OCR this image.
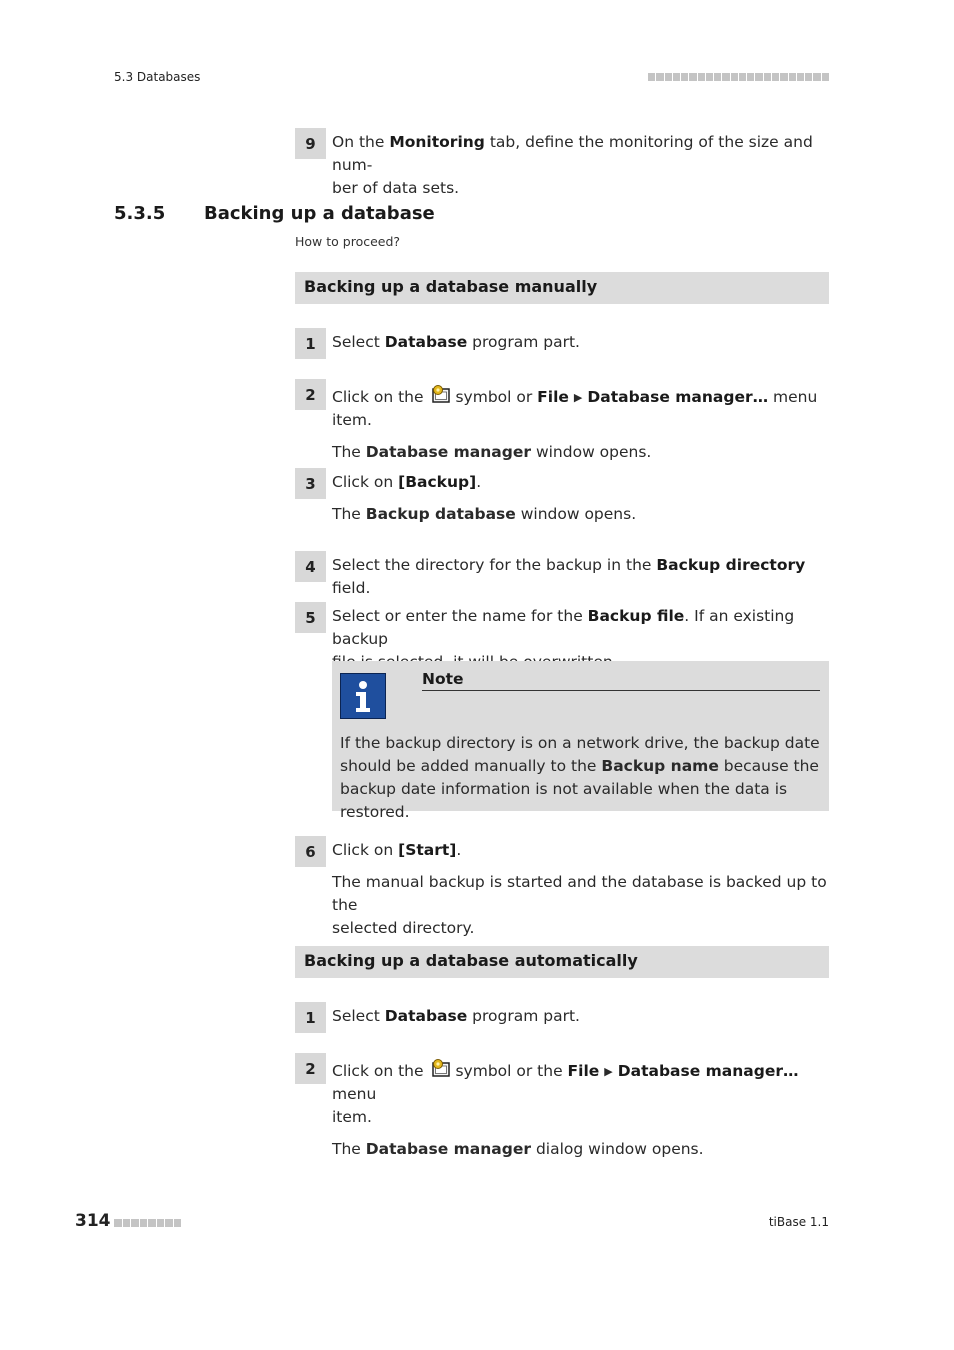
5.3 Databases
9	On the Monitoring tab, define the monitoring of the size and num-
ber of data sets.
5.3.5 Backing up a database
How to proceed?
Backing up a database manually
1	Select Database program part.
2	Click on the symbol or File ▶ Database manager… menu item.
The Database manager window opens.
3	Click on [Backup].
The Backup database window opens.
4	Select the directory for the backup in the Backup directory field.
5	Select or enter the name for the Backup file. If an existing backup

Note
If the backup directory is on a network drive, the backup date
should be added manually to the Backup name because the
backup date information is not available when the data is restored.
6	Click on [Start].
The manual backup is started and the database is backed up to the
selected directory.
Backing up a database automatically
1	Select Database program part.
2	Click on the symbol or the File ▶ Database manager… menu
item.
The Database manager dialog window opens.
314	tiBase 1.1
